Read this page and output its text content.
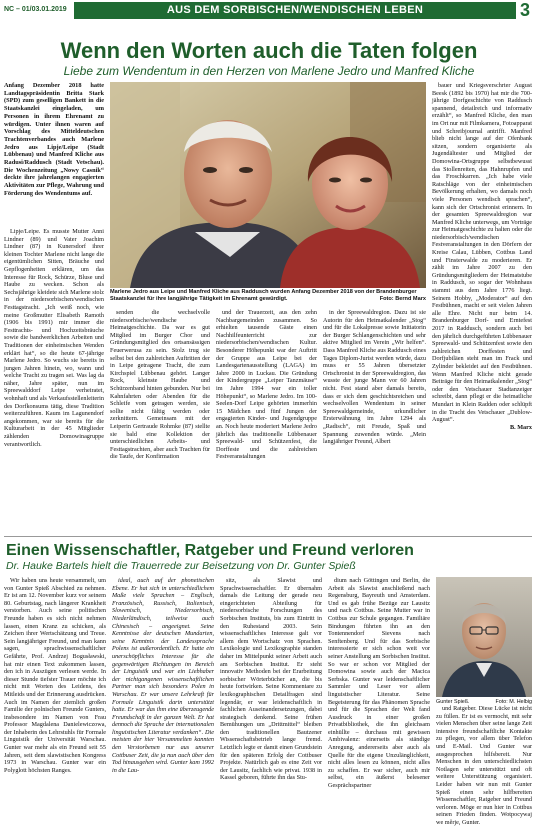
NC – 01/03.01.2019	AUS DEM SORBISCHEN/WENDISCHEN LEBEN	3
Wenn den Worten auch die Taten folgen
Liebe zum Wendentum in den Herzen von Marlene Jedro und Manfred Kliche
Anfang Dezember 2018 hatte Landtagspräsidentin Britta Stark (SPD) zum geselligen Bankett in die Staatskanzlei eingeladen, um Personen in ihrem Ehrenamt zu würdigen. Unter ihnen waren auf Vorschlag des Mitteldeutschen Trachtenverbandes auch Marlene Jedro aus Lipje/Leipe (Stadt Lübbenau) und Manfred Kliche aus Radusi/Raddusch (Stadt Vetschau). Die Wochenzeitung „Nowy Casnik“ deckte ihre jahrelangen engagierten Aktivitäten zur Pflege, Wahrung und Förderung des Wendentums auf.

Lipje/Leipe. Es musste Mutter Anni Lindner (89) und Vater Joachim Lindner (87) in Kunersdorf ihrer kleinen Tochter Marlene nicht lange die eigentümlichen Sitten, Bräuche und Gepflogenheiten erklären, um das Interesse für Rock, Schürze, Bluse und Haube zu wecken. Schon als Sechsjährige kleidete sich Marlene stolz in der niedersorbischen/wendischen Festtagstracht. „Ich weiß noch, wie meine Großmutter Elisabeth Ramoth (1906 bis 1991) mir immer die Festtrachts- und Hochzeitsbräuche sowie die bandwerklichen Arbeiten und Traditionen der einheimischen Wenden erklärt hat“, so die heute 67-jährige Marlene Jedro. So wuchs sie bereits in jungen Jahren hinein, wo, wann und welche Tracht zu tragen sei. Was lag da näher, Jahre später, nun im Spreewalddorf Leipe verheiratet, wohnhaft und als Verkaufsstellenleiterin des Dorfkonsums tätig, diese Tradition weiterzuführen. Kaum im Lagunendorf angekommen, war sie bereits für die Kulturarbeit in der 45 Mitglieder zählenden Domowinagruppe verantwortlich.

Marlene Jedro aus Leipe und Manfred Kliche aus Raddusch wurden Anfang Dezember 2018 von der Brandenburger Staatskanzlei für ihre langjährige Tätigkeit im Ehrenamt gewürdigt.	Foto: Bernd Marx

senden die wechselvolle niedersorbische/wendische Heimatgeschichte. Da war es gut Mitglied im Burger Chor und Gründungsmitglied des ortsansässigen Feuerwerusa zu sein. Stolz trug sie selbst bei den zahlreichen Auftritten der in Leipe getragene Tracht, die zum Kirchspiel Lübbenau gehört. Langer Rock, kleinste Haube und Schürzenband hinten gebunden. Nur bei Kahnfahrten oder Abenden für die Schleife vom getragen werden, sie sollte nicht fältig werden oder zerknittern. Gemeinsam mit der Leiperin Gertraude Rohmke (87) stellte sie bald eine Kollektion der unterschiedlichen Arbeits- und Festtagstrachten, aber auch Trachten für die Taufe, der Konfirmation

und der Trauerzeit, aus den zehn Nachbargemeinden zusammen. So erhielten tausende Gäste einen Nachhilfeunterricht zur niedersorbischen/wendischen Kultur. Besonderer Höhepunkt war der Auftritt der Gruppe aus Leipe bei der Landesgartenausstellung (LAGA) im Jahre 2000 in Luckau. Die Gründung der Kindergruppe „Leiper Tanzmäuse“ im Jahre 1994 war ein toller Höhepunkt“, so Marlene Jedro. Im 100-Seelen-Dorf Leipe gehörten immerhin 15 Mädchen und fünf Jungen der engagierten Kinder- und Jugendgruppe an. Noch heute moderiert Marlene Jedro jährlich das traditionelle Lübbenauer Spreewald- und Schützenfest, die Dorffeste und die zahlreichen Festveranstaltungen

in der Spreewaldregion. Dazu ist sie Autorin für den Heimatkalender „Stog“ und für die Lokalpresse sowie Initiatorin der Burger Schlangenschichten und sehr aktive Mitglied im Verein „Wir helfen“. Dass Manfred Kliche aus Raddusch eines Tages Diplom-Jurist werden würde, dazu muss er 55 Jahren übersetzter Ortschronist in der Spreewaldregion, das wusste der junge Mann vor 60 Jahren nicht. Fest stand aber damals bereits, dass er sich dem geschichtsreichen und wechselvollen Wendentum in seiner Spreewaldgemeinde, urkundlicher Ersterwähnung im Jahre 1294 als „Radisch“, mit Freude, Spaß und Spannung zuwenden würde. „Mein langjähriger Freund, Albert

bauer und Kriegsverschrter August Beesk (1892 bis 1970) hat mir die 700-jährige Dorfgeschichte von Raddusch spannend, detailreich und informativ erzählt“, so Manfred Kliche, den man im Ort nur mit Filmkamera, Fotoapparat und Schreibjournal antrifft. Manfred blieb nicht lange auf der Ofenbank sitzen, sondern organisierte als Jugendältester und Mitglied der Domowina-Ortsgruppe selbstbewusst das Stollenreiten, das Hahnrupfen und das Froschkarren. „Ich habe viele Ratschläge von der einheimischen Bevölkerung erhalten, wo damals noch viele Personen wendisch sprachen“, kann sich der Ortschronist erinnern. In der gesamten Spreewaldregion war Manfred Kliche unterwegs, um Vorträge zur Heimatgeschichte zu halten oder die niedersorbisch/wendischen Festveranstaltungen in den Dörfern der Kreise Calau, Lübben, Cottbus Land und Finsterwalde zu moderieren. Er zählt im Jahre 2007 zu den Gründungsmitgliedern der Heimatstube in Raddusch, so sogar der Wohnhaus stammt aus dem Jahre 1776 liegt. Seinem Hobby, „Moderator“ auf den Festbühnen, macht er seit vielen Jahren alle Ehre. Nicht nur beim 14. Brandenburger Dorf- und Erntefest 2017 in Raddusch, sondern auch bei den jährlich durchgeführten Lübbenauer Spreewald- und Schützenfest sowie den zahlreichen Dorffesten und Dorfjubiläen steht man im Frack und Zylinder bekleidet auf den Festbühnen. Wenn Manfred Kliche nicht gerade Beiträge für den Heimatkalender „Stog“ oder den Vetschauer Stadtanzeiger schreibt, dann pflegt er die heimatliche Mundart in Klein Radden oder schlüpft in die Tracht des Vetschauer „Dublow-August“.

B. Marx
Einen Wissenschaftler, Ratgeber und Freund verloren
Dr. Hauke Bartels hielt die Trauerrede zur Beisetzung von Dr. Gunter Spieß

Wir haben uns heute versammelt, um von Gunter Spieß Abschied zu nehmen. Er ist am 12. November kurz vor seinem 80. Geburtstag, nach längerer Krankheit verstorben. Auch seine politischen Freunde haben es sich nicht nehmen lassen, einen Kranz zu schicken, als Zeichen ihrer Wertschätzung und Treue. Sein langjähriger Freund, und man kann sagen, sprachwissenschaftlicher Gefährte, Prof. Andrzej Bogusławski, hat mir einen Text zukommen lassen, den ich in Auszügen verlesen werde. In dieser Stunde tiefster Trauer möchte ich nicht mit Worten des Leidens, des Mitleids und der Erinnerung ausdrücken. Auch im Namen der ziemlich großen Familie der polnischen Freunde Gunters, insbesondere im Namen von Frau Professor Magdalena Danielewiczowa, der Inhaberin des Lehrstuhls für Formale Linguistik der Universität Warschau. Gunter war mehr als ein Freund seit 55 Jahren, seit dem slawistischen Kongress 1973 in Warschau. Gunter war ein Polyglott höchsten Ranges.

ideal, auch auf der phonetischen Ebene. Er hat sich in unterschiedlichem Maße viele Sprachen – Englisch, Französisch, Russisch, Italienisch, Slowenisch, Niedersorbisch, Niederländisch, teilweise auch Chinesisch – angeeignet. Seine Kenntnisse der deutschen Mundarten, seine Kenntnis der Landessprache Polens ist außerordentlich. Er hatte ein unerschöpfliches Interesse für die gegenwärtigen Richtungen im Bereich der Linguistik und war ein Liebhaber der nichtgangenen wissenschaftlichen Partner man sich besonders Polen in Warschau. Er war unsere Lehrkraft für Formale Linguistik darin unterstützt hatte. Er war das ihm eine überzeugende Freundschaft in der ganzen Welt. Er hat dennoch die Sprache der internationalen linguistischen Literatur verdanken“. Die meisten der hier Versammelten kannten den Verstorbenen nur aus unserer Cottbuser Zeit, die ja nun auch über den Tod hinausgehen wird. Gunter kam 1992 in die Lau-

sitz, als Slawist und Sprachwissenschaftler. Er übernahm damals die Leitung der gerade neu eingerichteten Abteilung für niedersorbische Forschungen des Sorbischen Instituts, bis zum Eintritt in den Ruhestand 2003. Sein wissenschaftliches Interesse galt vor allem dem Wortschatz von Sprachen. Lexikologie und Lexikographie standen daher im Mittelpunkt seiner Arbeit auch am Sorbischen Institut. Er steht innovativ Methoden bei der Erarbeitung sorbischer Wörterbücher an, die bis heute fortwirken. Seine Kommentare zu lexikographischen Detailfragen sind legendär, er war leidenschaftlich in fachlichen Auseinandersetzungen, dabei strategisch denkend. Seine frühen Bemühungen um „Drittmittel“ bleiben den traditionellen Bautzener Wissenschaftsbetrieb lange fremd. Letztlich legte er damit einen Grundstein für den späteren Erfolg der Cottbuser Projekte. Natürlich gab es eine Zeit vor der Lausitz, fachlich wie privat. 1938 in Kassel geboren, führte ihn das Stu-

dium nach Göttingen und Berlin, die Arbeit als Slawist anschließend nach Regensburg, Bayreuth und Amsterdam. Und es gab frühe Bezüge zur Lausitz und nach Cottbus. Seine Mutter war in Cottbus zur Schule gegangen. Familiäre Bindungen führten ihn an den Tontennendorf Sievens nach Senftenberg. Und für das Sorbische interessierte er sich schon weit vor seiner Anstellung am Sorbischen Institut. So war er schon vor Mitglied der Domowina sowie auch der Macica Serbska. Gunter war leidenschaftlicher Sammler und Leser vor allem linguistischer Literatur. Seine Begeisterung für das Phänomen Sprache und für die Sprachen der Welt fand Ausdruck in einer großen Privatbibliothek, die ihn gleichsam einhüllte – durchaus mit gewissen Ambivalenz: einerseits als ständige Anregung, andererseits aber auch als Quelle für die eigene Unzulänglichkeit, nicht alles lesen zu können, nicht alles zu schaffen. Er war sicher, auch mir selbst, ein äußerst belesener Gesprächspartner

Gunter Spieß.	Foto: M. Helbig

und Ratgeber. Diese Lücke ist nicht zu füllen. Er ist es vermocht, mit sehr vielen Menschen über seine lange Zeit intensive freundschaftliche Kontakte zu pflegen, vor allem über Telefon und E-Mail. Und Gunter war ausgesprochen hilfsbereit. Nur Menschen in den unterschiedlichsten Notlagen sehr unterstützt und oft weitere Unterstützung organisiert. Leider haben wir nun mit Gunter Spieß einen sehr hilfbereiten Wissenschaftler, Ratgeber und Freund verloren. Möge er nun hier in Cottbus seinen Frieden finden. Wotpocywaj we měrje, Gunter.
